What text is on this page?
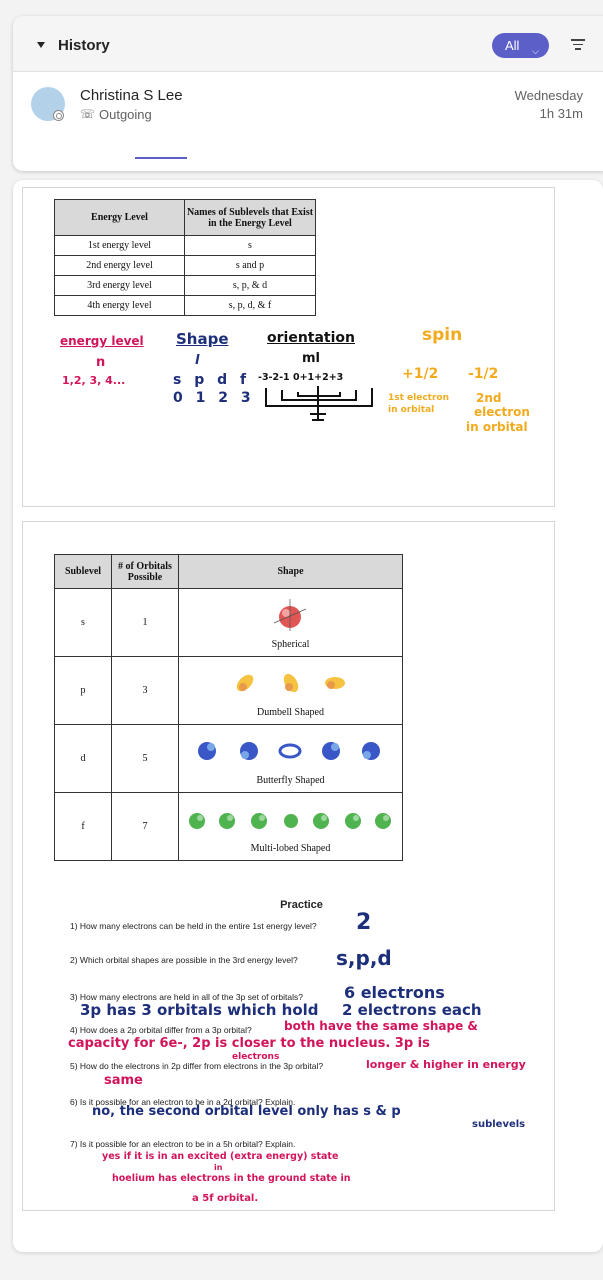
History	All ⌵
Christina S Lee
☏ Outgoing
Wednesday
1h 31m
Energy Level	Names of Sublevels that Exist in the Energy Level
1st energy level	s
2nd energy level	s and p
3rd energy level	s, p, & d
4th energy level	s, p, d, & f
energy level
n
1,2, 3, 4...
Shape
l
s p d f
0 1 2 3
orientation
ml
-3-2-1 0+1+2+3
spin
+1/2 -1/2
1st electron
in orbital
2nd
electron
in orbital
Sublevel	# of Orbitals Possible	Shape
s	1	Spherical

p	3	Dumbell Shaped

d	5	Butterfly Shaped

f	7	Multi-lobed Shaped
Practice
1) How many electrons can be held in the entire 1st energy level?
2) Which orbital shapes are possible in the 3rd energy level?
3) How many electrons are held in all of the 3p set of orbitals?
4) How does a 2p orbital differ from a 3p orbital?
5) How do the electrons in 2p differ from electrons in the 3p orbital?
6) Is it possible for an electron to be in a 2d orbital? Explain.
7) Is it possible for an electron to be in a 5h orbital? Explain.
2
s,p,d
6 electrons
3p has 3 orbitals which hold 2 electrons each
both have the same shape &
capacity for 6e-, 2p is closer to the nucleus. 3p is
electrons
longer & higher in energy
same
no, the second orbital level only has s & p
sublevels
yes if it is in an excited (extra energy) state
in
hoelium has electrons in the ground state in
a 5f orbital.
